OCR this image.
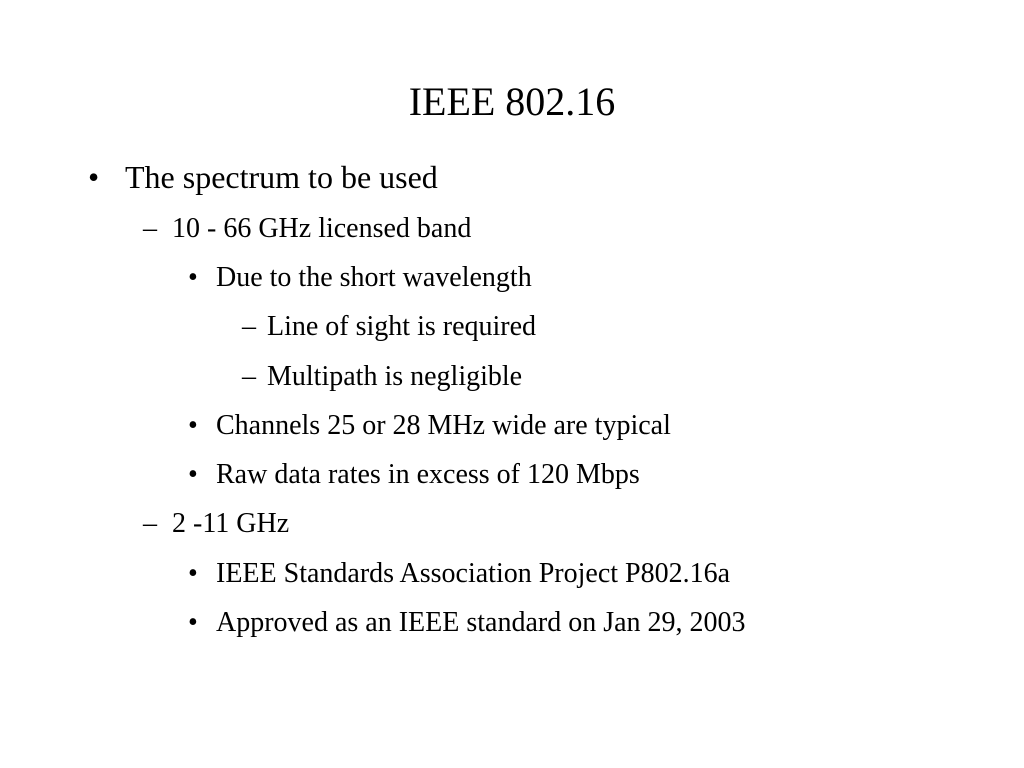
IEEE 802.16
• The spectrum to be used
– 10 - 66 GHz licensed band
• Due to the short wavelength
– Line of sight is required
– Multipath is negligible
• Channels 25 or 28 MHz wide are typical
• Raw data rates in excess of 120 Mbps
– 2 -11 GHz
• IEEE Standards Association Project P802.16a
• Approved as an IEEE standard on Jan 29, 2003
